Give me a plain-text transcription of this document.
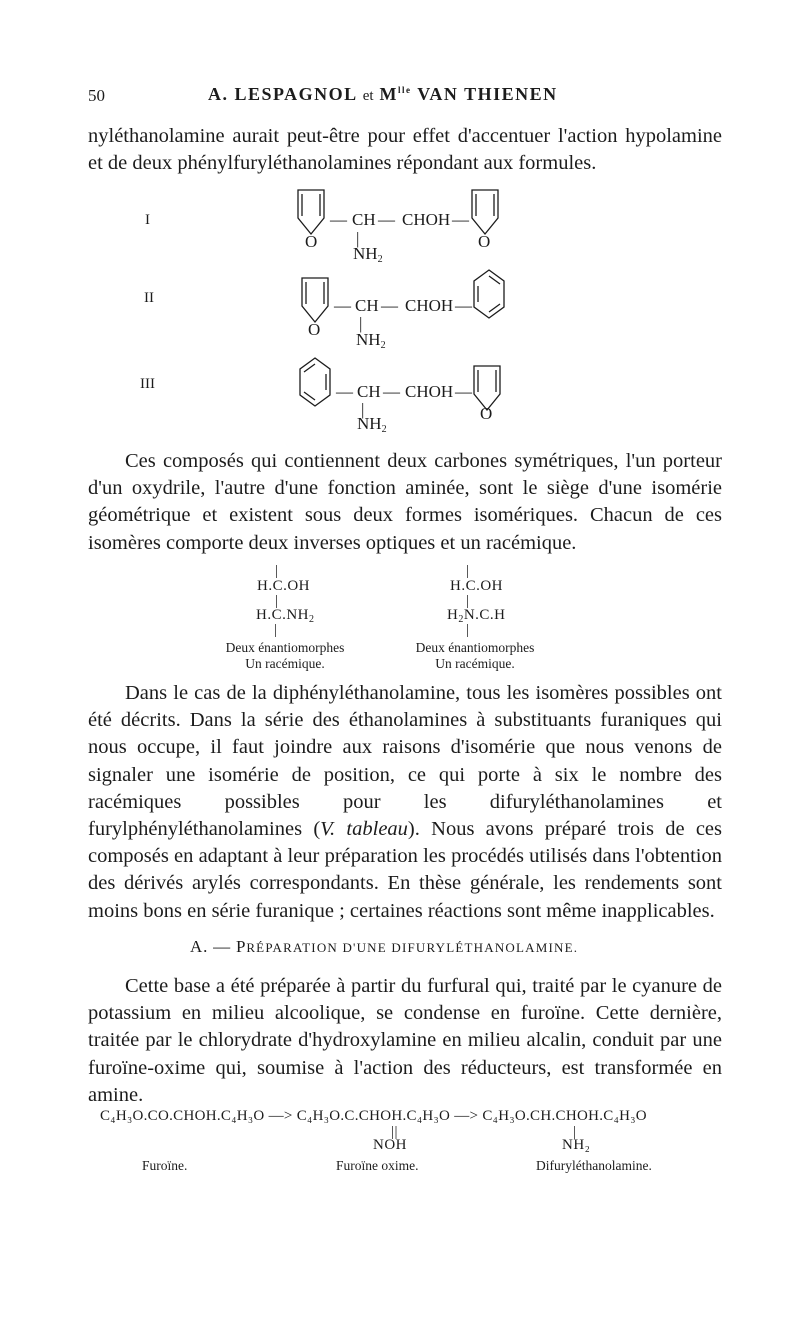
50	A. LESPAGNOL et $M^{lle}$ VAN THIENEN

nyléthanolamine aurait peut-être pour effet d'accentuer l'action hypolamine et de deux phénylfuryléthanolamines répondant aux formules.

I
O
— CH — CHOH —
O
|
$NH_2$
II
O
— CH — CHOH —
|
$NH_2$
III	— CH — CHOH —
O
|
$NH_2$

Ces composés qui contiennent deux carbones symétriques, l'un porteur d'un oxydrile, l'autre d'une fonction aminée, sont le siège d'une isomérie géométrique et existent sous deux formes isomériques. Chacun de ces isomères comporte deux inverses optiques et un racémique.

|
H.C.OH
|
$H.C.NH_2$
|
Deux énantiomorphes
Un racémique.
|
H.C.OH
|
$H_2N.C.H$
|
Deux énantiomorphes
Un racémique.

Dans le cas de la diphényléthanolamine, tous les isomères possibles ont été décrits. Dans la série des éthanolamines à substituants furaniques qui nous occupe, il faut joindre aux raisons d'isomérie que nous venons de signaler une isomérie de position, ce qui porte à six le nombre des racémiques possibles pour les difuryléthanolamines et furylphényléthanolamines (V. tableau). Nous avons préparé trois de ces composés en adaptant à leur préparation les procédés utilisés dans l'obtention des dérivés arylés correspondants. En thèse générale, les rendements sont moins bons en série furanique ; certaines réactions sont même inapplicables.

A. — PRÉPARATION D'UNE DIFURYLÉTHANOLAMINE.

Cette base a été préparée à partir du furfural qui, traité par le cyanure de potassium en milieu alcoolique, se condense en furoïne. Cette dernière, traitée par le chlorydrate d'hydroxylamine en milieu alcalin, conduit par une furoïne-oxime qui, soumise à l'action des réducteurs, est transformée en amine.

C₄H₃O.CO.CHOH.C₄H₃O —> C₄H₃O.C.CHOH.C₄H₃O —> C₄H₃O.CH.CHOH.C₄H₃O
||
NOH
|
NH₂
Furoïne.	Furoïne oxime.	Difuryléthanolamine.
